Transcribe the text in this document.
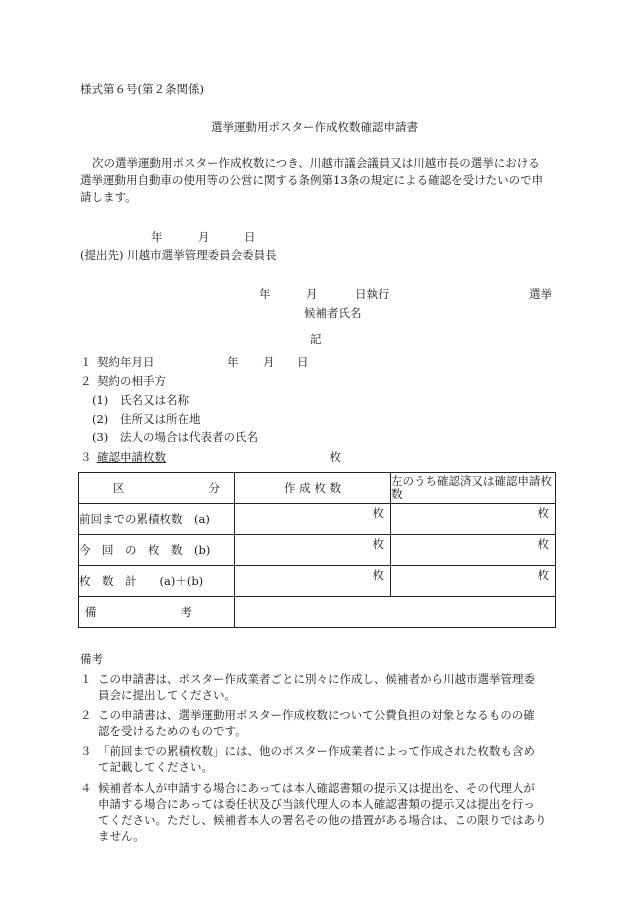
様式第６号(第２条関係)
選挙運動用ポスター作成枚数確認申請書
次の選挙運動用ポスター作成枚数につき、川越市議会議員又は川越市長の選挙における
選挙運動用自動車の使用等の公営に関する条例第13条の規定による確認を受けたいので申
請します。
年	月	日
(提出先) 川越市選挙管理委員会委員長
年	月	日執行	選挙
候補者氏名
記
１ 契約年月日	年 月 日
２ 契約の相手方
(1) 氏名又は名称
(2) 住所又は所在地
(3) 法人の場合は代表者の氏名
３ 確認申請枚数	枚
区 分	作 成 枚 数	左のうち確認済又は確認申請枚数
前回までの累積枚数　(a)	枚	枚

今　回　の　枚　数　(b)	枚	枚

枚　数　計　　(a)＋(b)	枚	枚

備 考		

備考
１ この申請書は、ポスター作成業者ごとに別々に作成し、候補者から川越市選挙管理委
員会に提出してください。
２ この申請書は、選挙運動用ポスター作成枚数について公費負担の対象となるものの確
認を受けるためのものです。
３ 「前回までの累積枚数」には、他のポスター作成業者によって作成された枚数も含め
て記載してください。
４ 候補者本人が申請する場合にあっては本人確認書類の提示又は提出を、その代理人が
申請する場合にあっては委任状及び当該代理人の本人確認書類の提示又は提出を行っ
てください。ただし、候補者本人の署名その他の措置がある場合は、この限りではあり
ません。
